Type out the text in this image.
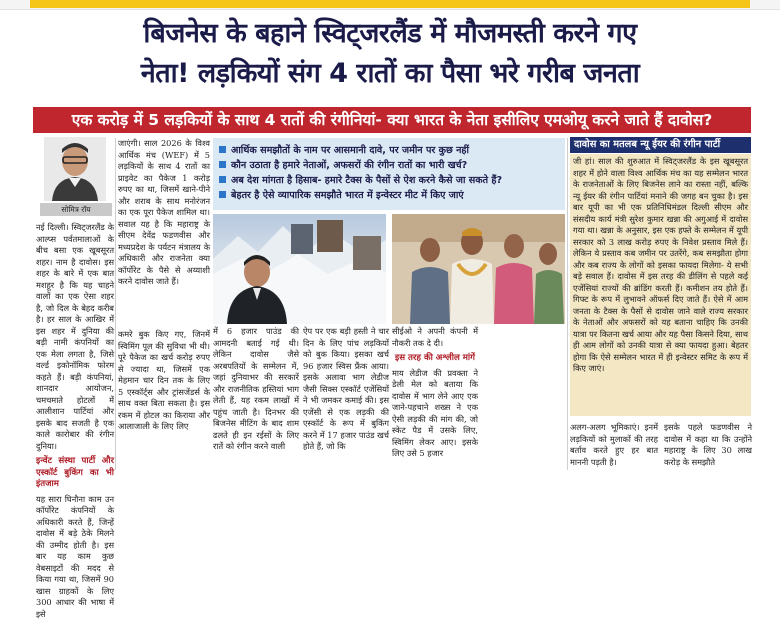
बिजनेस के बहाने स्विट्जरलैंड में मौजमस्ती करने गए
नेता! लड़कियों संग 4 रातों का पैसा भरे गरीब जनता
एक करोड़ में 5 लड़कियों के साथ 4 रातों की रंगीनियां- क्या भारत के नेता इसीलिए एमओयू करने जाते हैं दावोस?
सोमित्र रॉय

नई दिल्ली। स्विट्जरलैंड के आल्प्स पर्वतमालाओं के बीच बसा एक खूबसूरत शहर। नाम है दावोस। इस शहर के बारे में एक बात मशहूर है कि यह चाहने वालों का एक ऐसा शहर है, जो दिल के बेहद करीब है। हर साल के आखिर में इस शहर में दुनिया की बड़ी नामी कंपनियों का एक मेला लगता है, जिसे वर्ल्ड इकोनॉमिक फोरम कहते हैं। बड़ी कंपनियां, शानदार आयोजन, चमचमाते होटलों में आलीशान पार्टियां और इसके बाद सजती है एक काले कारोबार की रंगीन दुनिया।

इन्वेंट संस्था पार्टी और एस्कॉर्ट बुकिंग का भी इंतजाम

यह सारा घिनौना काम उन कॉर्पोरेट कंपनियों के अधिकारी करते हैं, जिन्हें दावोस में बड़े ठेके मिलने की उम्मीद होती है। इस बार यह काम कुछ वेबसाइटों की मदद से किया गया था, जिसमें 90 खास ग्राहकों के लिए 300 आधार की भाषा में इसे

जाएंगी। साल 2026 के विश्व आर्थिक मंच (WEF) में 5 लड़कियों के साथ 4 रातों का प्राइवेट का पैकेज 1 करोड़ रुपए का था, जिसमें खाने-पीने और शराब के साथ मनोरंजन का एक पूरा पैकेज शामिल था। सवाल यह है कि महाराष्ट्र के सीएम देवेंद्र फडणवीस और मध्यप्रदेश के पर्यटन मंत्रालय के अधिकारी और राजनेता क्या कॉर्पोरेट के पैसे से अय्याशी करने दावोस जाते हैं।

कमरे बुक किए गए, जिनमें स्विमिंग पूल की सुविधा भी थी। पूरे पैकेज का खर्च करोड़ रुपए से ज्यादा था, जिसमें एक मेहमान चार दिन तक के लिए 5 एस्कॉर्ट्स और ट्रांसजेंडर्स के साथ वक्त बिता सकता है। इस रकम में होटल का किराया और आलाजाली के लिए लिए

आर्थिक समझौतों के नाम पर आसमानी दावे, पर जमीन पर कुछ नहीं
कौन उठाता है हमारे नेताओं, अफसरों की रंगीन रातों का भारी खर्च?
अब देश मांगता है हिसाब- हमारे टैक्स के पैसों से ऐश करने कैसे जा सकते हैं?
बेहतर है ऐसे व्यापारिक समझौते भारत में इन्वेस्टर मीट में किए जाएं

में 6 हजार पाउंड की आमदनी बताई गई थी। लेकिन दावोस जैसे अरबपतियों के सम्मेलन में, जहां दुनियाभर की सरकारें और राजनीतिक हस्तियां भाग लेती हैं, यह रकम लाखों में पहुंच जाती है। दिनभर की बिजनेस मीटिंग के बाद शाम ढलते ही इन रईसों के लिए रातें को रंगीन करने वाली

ऐप पर एक बड़ी हस्ती ने चार दिन के लिए पांच लड़कियों को बुक किया। इसका खर्च 96 हजार स्विस फ्रैंक आया। इसके अलावा भाग लेडीज जैसी सिक्स एस्कॉर्ट एजेंसियों ने भी जमकर कमाई की। इस एजेंसी से एक लड़की की एस्कॉर्ट के रूप में बुकिंग करने में 17 हजार पाउंड खर्च होते हैं, जो कि

सीईओ ने अपनी कंपनी में नौकरी तक दे दी।

इस तरह की अश्लील मांगें

माय लेडीज की प्रवक्ता ने डेली मेल को बताया कि दावोस में भाग लेने आए एक जाने-पहचाने शख्स ने एक ऐसी लड़की की मांग की, जो स्केट पैड में उसके लिए, स्विमिंग लेकर आए। इसके लिए उसे 5 हजार

दावोस का मतलब न्यू ईयर की रंगीन पार्टी

जी हां। साल की शुरुआत में स्विट्जरलैंड के इस खूबसूरत शहर में होने वाला विश्व आर्थिक मंच का यह सम्मेलन भारत के राजनेताओं के लिए बिजनेस लाने का रास्ता नहीं, बल्कि न्यू ईयर की रंगीन पार्टियां मनाने की जगह बन चुका है। इस बार यूपी का भी एक प्रतिनिधिमंडल दिल्ली सीएम और संसदीय कार्य मंत्री सुरेश कुमार खन्ना की अगुआई में दावोस गया था। खन्ना के अनुसार, इस एक हफ्ते के सम्मेलन में यूपी सरकार को 3 लाख करोड़ रुपए के निवेश प्रस्ताव मिले हैं। लेकिन ये प्रस्ताव कब जमीन पर उतरेंगे, कब समझौता होगा और कब राज्य के लोगों को इसका फायदा मिलेगा- ये सभी बड़े सवाल हैं। दावोस में इस तरह की डीलिंग से पहले कई एजेंसियां राज्यों की ब्रांडिंग करती हैं। कमीशन तय होते हैं। गिफ्ट के रूप में लुभावने ऑफर्स दिए जाते हैं। ऐसे में आम जनता के टैक्स के पैसों से दावोस जाने वाले राज्य सरकार के नेताओं और अफसरों को यह बताना चाहिए कि उनकी यात्रा पर कितना खर्च आया और यह पैसा किसने दिया, साथ ही आम लोगों को उनकी यात्रा से क्या फायदा हुआ। बेहतर होगा कि ऐसे सम्मेलन भारत में ही इन्वेस्टर समिट के रूप में किए जाएं।

अलग-अलग भूमिकाएं। इनमें लड़कियों को मुलाकों की तरह बर्ताव करते हुए हर बात माननी पड़ती है।

इसके पहले फडणवीस ने दावोस में कहा था कि उन्होंने महाराष्ट्र के लिए 30 लाख करोड़ के समझौते
